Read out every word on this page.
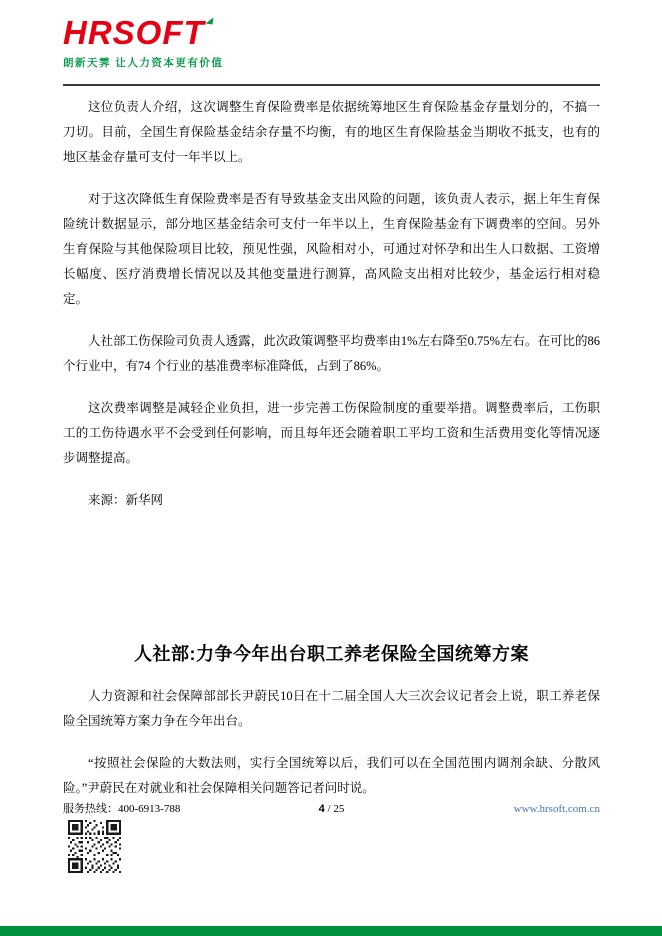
HRSOFT
朗新天霁 让人力资本更有价值

这位负责人介绍，这次调整生育保险费率是依据统筹地区生育保险基金存量划分的，不搞一刀切。目前，全国生育保险基金结余存量不均衡，有的地区生育保险基金当期收不抵支，也有的地区基金存量可支付一年半以上。

对于这次降低生育保险费率是否有导致基金支出风险的问题，该负责人表示，据上年生育保险统计数据显示，部分地区基金结余可支付一年半以上，生育保险基金有下调费率的空间。另外生育保险与其他保险项目比较，预见性强，风险相对小，可通过对怀孕和出生人口数据、工资增长幅度、医疗消费增长情况以及其他变量进行测算，高风险支出相对比较少，基金运行相对稳定。

人社部工伤保险司负责人透露，此次政策调整平均费率由1%左右降至0.75%左右。在可比的86 个行业中，有74 个行业的基准费率标准降低，占到了86%。

这次费率调整是减轻企业负担，进一步完善工伤保险制度的重要举措。调整费率后，工伤职工的工伤待遇水平不会受到任何影响，而且每年还会随着职工平均工资和生活费用变化等情况逐步调整提高。

来源：新华网

人社部:力争今年出台职工养老保险全国统筹方案

人力资源和社会保障部部长尹蔚民10日在十二届全国人大三次会议记者会上说，职工养老保险全国统筹方案力争在今年出台。

“按照社会保险的大数法则，实行全国统筹以后，我们可以在全国范围内调剂余缺、分散风险。”尹蔚民在对就业和社会保障相关问题答记者问时说。

服务热线：400-6913-788	4 / 25	www.hrsoft.com.cn
